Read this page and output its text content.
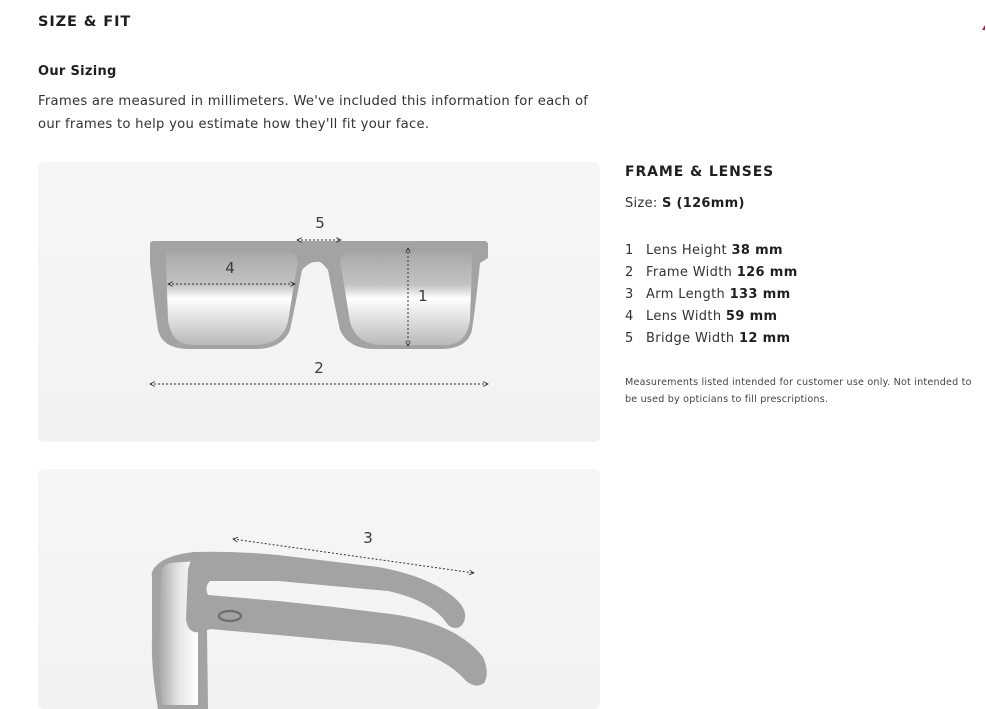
SIZE & FIT
Our Sizing

Frames are measured in millimeters. We've included this information for each of our frames to help you estimate how they'll fit your face.

5
4
1
2
3
FRAME & LENSES
Size: S (126mm)
1 Lens Height 38 mm
2 Frame Width 126 mm
3 Arm Length 133 mm
4 Lens Width 59 mm
5 Bridge Width 12 mm

Measurements listed intended for customer use only. Not intended to be used by opticians to fill prescriptions.
